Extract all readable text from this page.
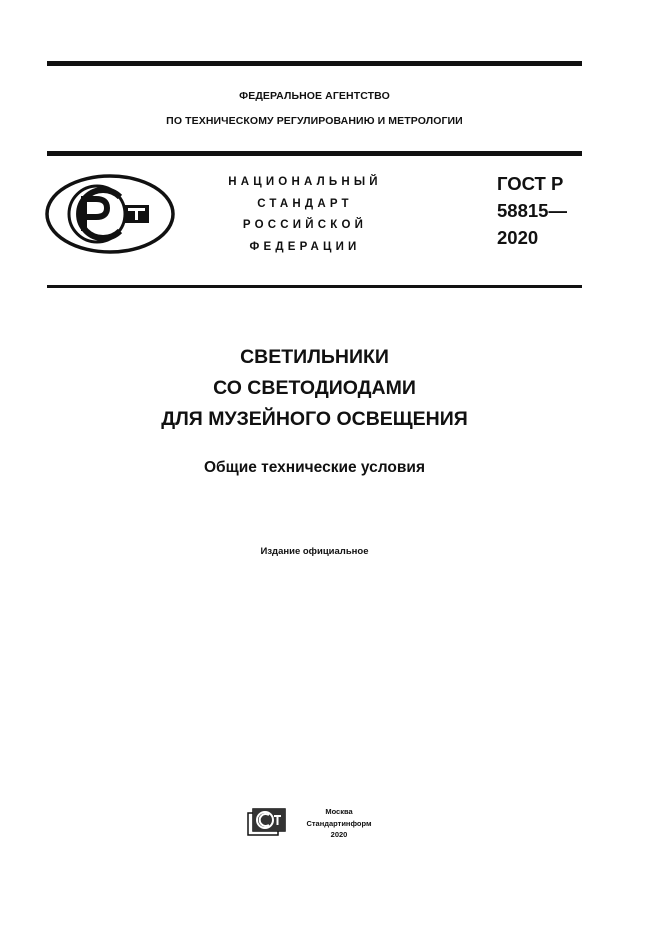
ФЕДЕРАЛЬНОЕ АГЕНТСТВО
ПО ТЕХНИЧЕСКОМУ РЕГУЛИРОВАНИЮ И МЕТРОЛОГИИ
НАЦИОНАЛЬНЫЙ
СТАНДАРТ
РОССИЙСКОЙ
ФЕДЕРАЦИИ
ГОСТ Р
58815—
2020
СВЕТИЛЬНИКИ
СО СВЕТОДИОДАМИ
ДЛЯ МУЗЕЙНОГО ОСВЕЩЕНИЯ
Общие технические условия
Издание официальное
Москва
Стандартинформ
2020
